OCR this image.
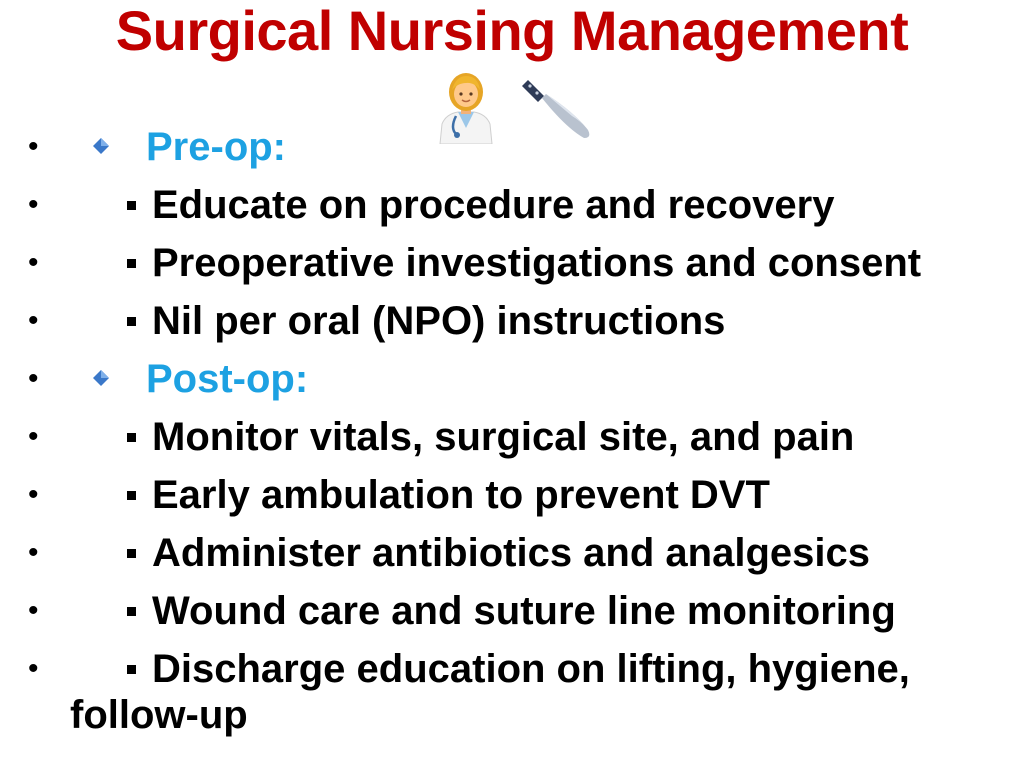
Surgical Nursing Management
•	Pre-op:
•	Educate on procedure and recovery
•	Preoperative investigations and consent
•	Nil per oral (NPO) instructions
•	Post-op:
•	Monitor vitals, surgical site, and pain
•	Early ambulation to prevent DVT
•	Administer antibiotics and analgesics
•	Wound care and suture line monitoring
•	Discharge education on lifting, hygiene,
follow-up
